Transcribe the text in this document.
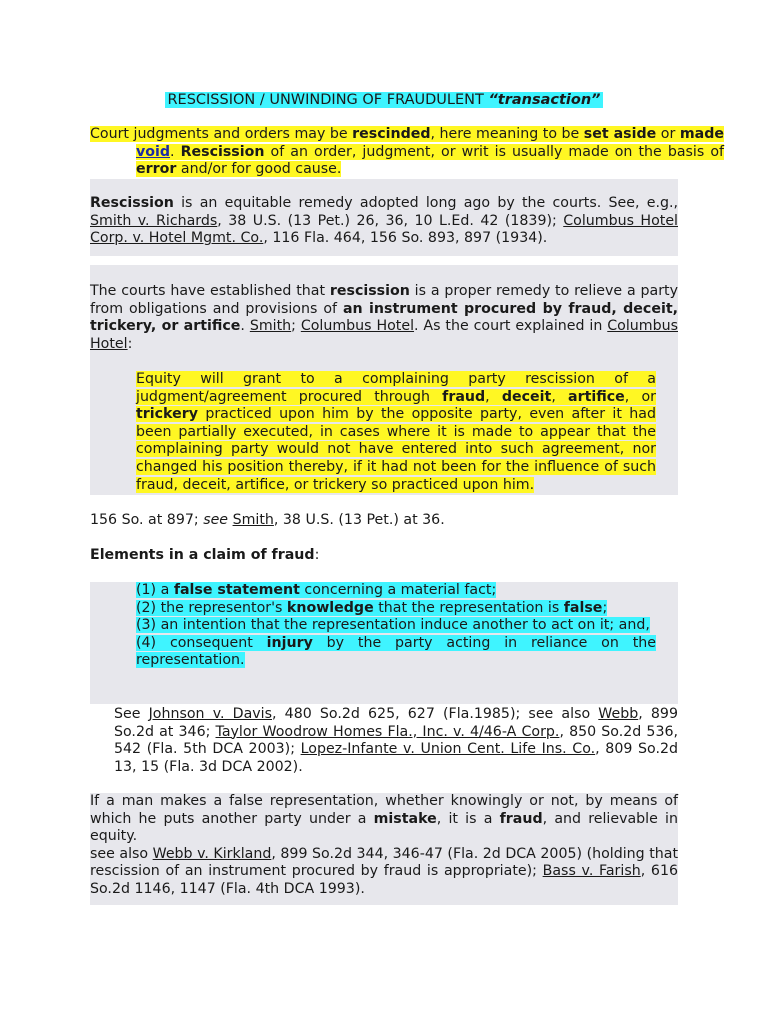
RESCISSION / UNWINDING OF FRAUDULENT “transaction”
Court judgments and orders may be rescinded, here meaning to be set aside or made void. Rescission of an order, judgment, or writ is usually made on the basis of error and/or for good cause.
Rescission is an equitable remedy adopted long ago by the courts. See, e.g., Smith v. Richards, 38 U.S. (13 Pet.) 26, 36, 10 L.Ed. 42 (1839); Columbus Hotel Corp. v. Hotel Mgmt. Co., 116 Fla. 464, 156 So. 893, 897 (1934).
The courts have established that rescission is a proper remedy to relieve a party from obligations and provisions of an instrument procured by fraud, deceit, trickery, or artifice. Smith; Columbus Hotel. As the court explained in Columbus Hotel:
Equity will grant to a complaining party rescission of a judgment/agreement procured through fraud, deceit, artifice, or trickery practiced upon him by the opposite party, even after it had been partially executed, in cases where it is made to appear that the complaining party would not have entered into such agreement, nor changed his position thereby, if it had not been for the influence of such fraud, deceit, artifice, or trickery so practiced upon him.
156 So. at 897; see Smith, 38 U.S. (13 Pet.) at 36.
Elements in a claim of fraud:
(1) a false statement concerning a material fact;
(2) the representor's knowledge that the representation is false;
(3) an intention that the representation induce another to act on it; and,
(4) consequent injury by the party acting in reliance on the representation.
See Johnson v. Davis, 480 So.2d 625, 627 (Fla.1985); see also Webb, 899 So.2d at 346; Taylor Woodrow Homes Fla., Inc. v. 4/46-A Corp., 850 So.2d 536, 542 (Fla. 5th DCA 2003); Lopez-Infante v. Union Cent. Life Ins. Co., 809 So.2d 13, 15 (Fla. 3d DCA 2002).
If a man makes a false representation, whether knowingly or not, by means of which he puts another party under a mistake, it is a fraud, and relievable in equity.
see also Webb v. Kirkland, 899 So.2d 344, 346-47 (Fla. 2d DCA 2005) (holding that rescission of an instrument procured by fraud is appropriate); Bass v. Farish, 616 So.2d 1146, 1147 (Fla. 4th DCA 1993).
